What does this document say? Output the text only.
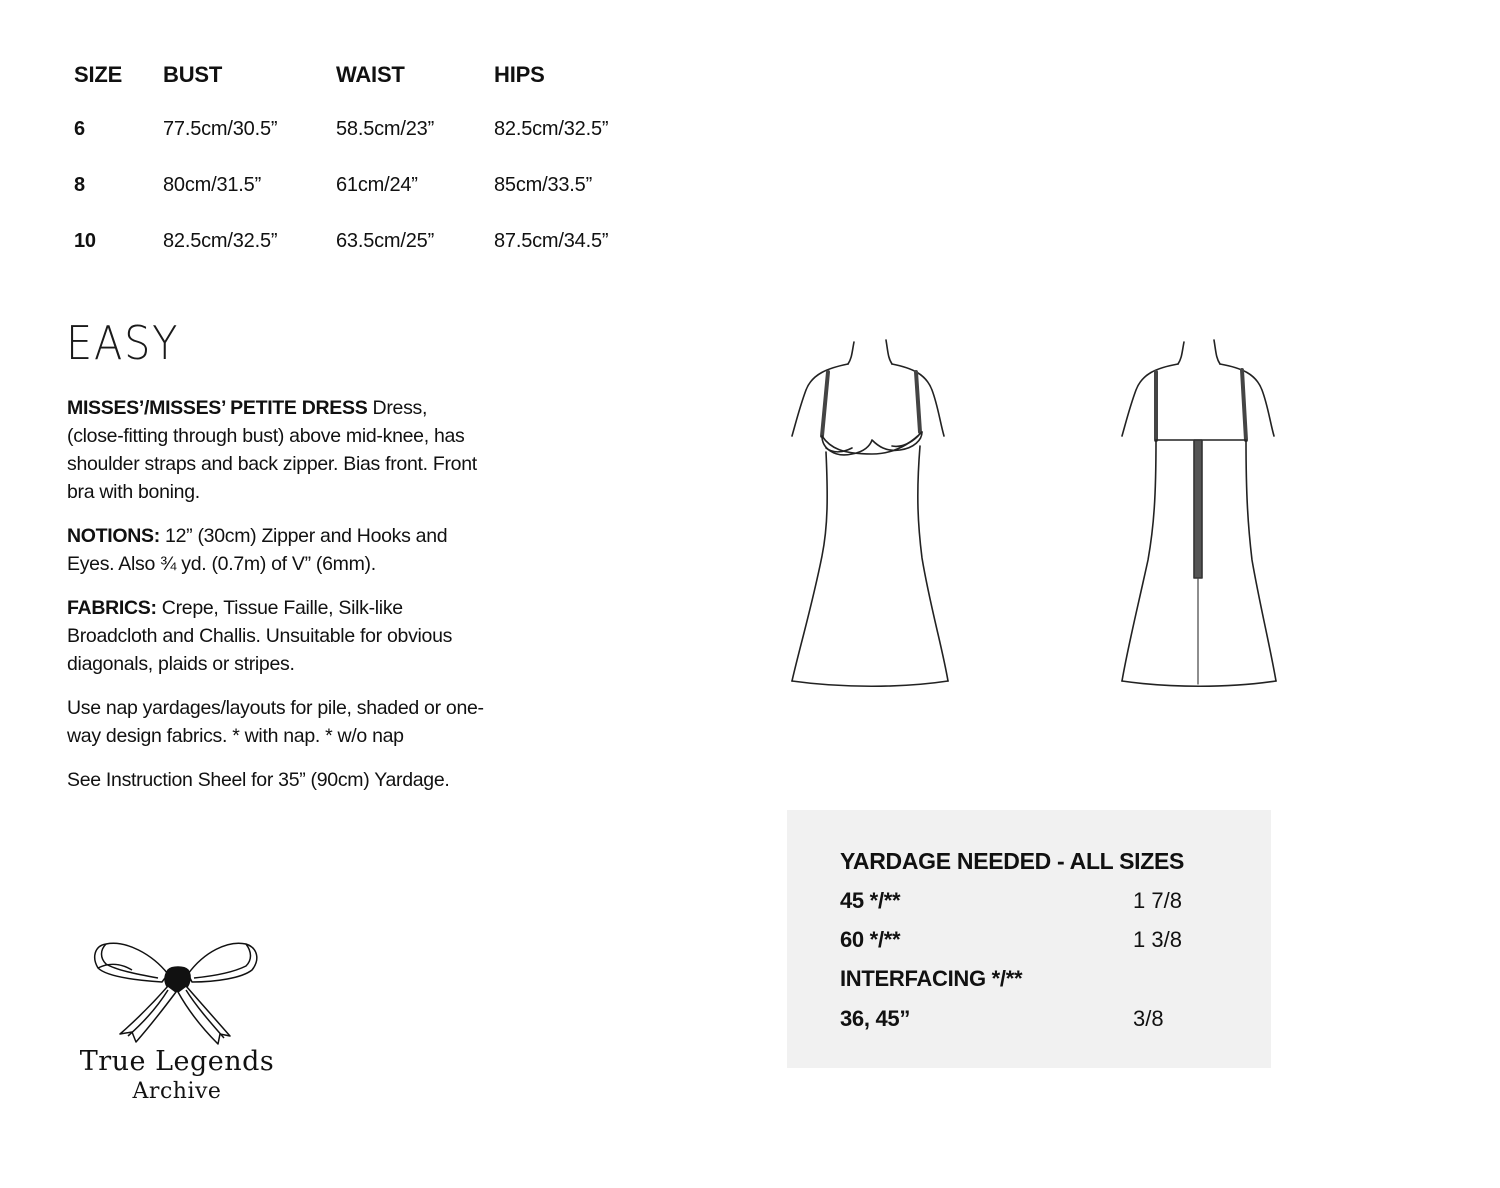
SIZE BUST	WAIST	HIPS
6	77.5cm/30.5”	58.5cm/23”	82.5cm/32.5”
8	80cm/31.5”	61cm/24”	85cm/33.5”
10	82.5cm/32.5”	63.5cm/25”	87.5cm/34.5”
EASY

MISSES’/MISSES’ PETITE DRESS Dress, (close-fitting through bust) above mid-knee, has shoulder straps and back zipper. Bias front. Front bra with boning.

NOTIONS: 12” (30cm) Zipper and Hooks and Eyes. Also ¾ yd. (0.7m) of V” (6mm).

FABRICS: Crepe, Tissue Faille, Silk-like Broadcloth and Challis. Unsuitable for obvious diagonals, plaids or stripes.

Use nap yardages/layouts for pile, shaded or one-way design fabrics. * with nap. * w/o nap

See Instruction Sheel for 35” (90cm) Yardage.

YARDAGE NEEDED - ALL SIZES
45 */**	1 7/8
60 */**	1 3/8
INTERFACING */**
36, 45”	3/8
True Legends
Archive
